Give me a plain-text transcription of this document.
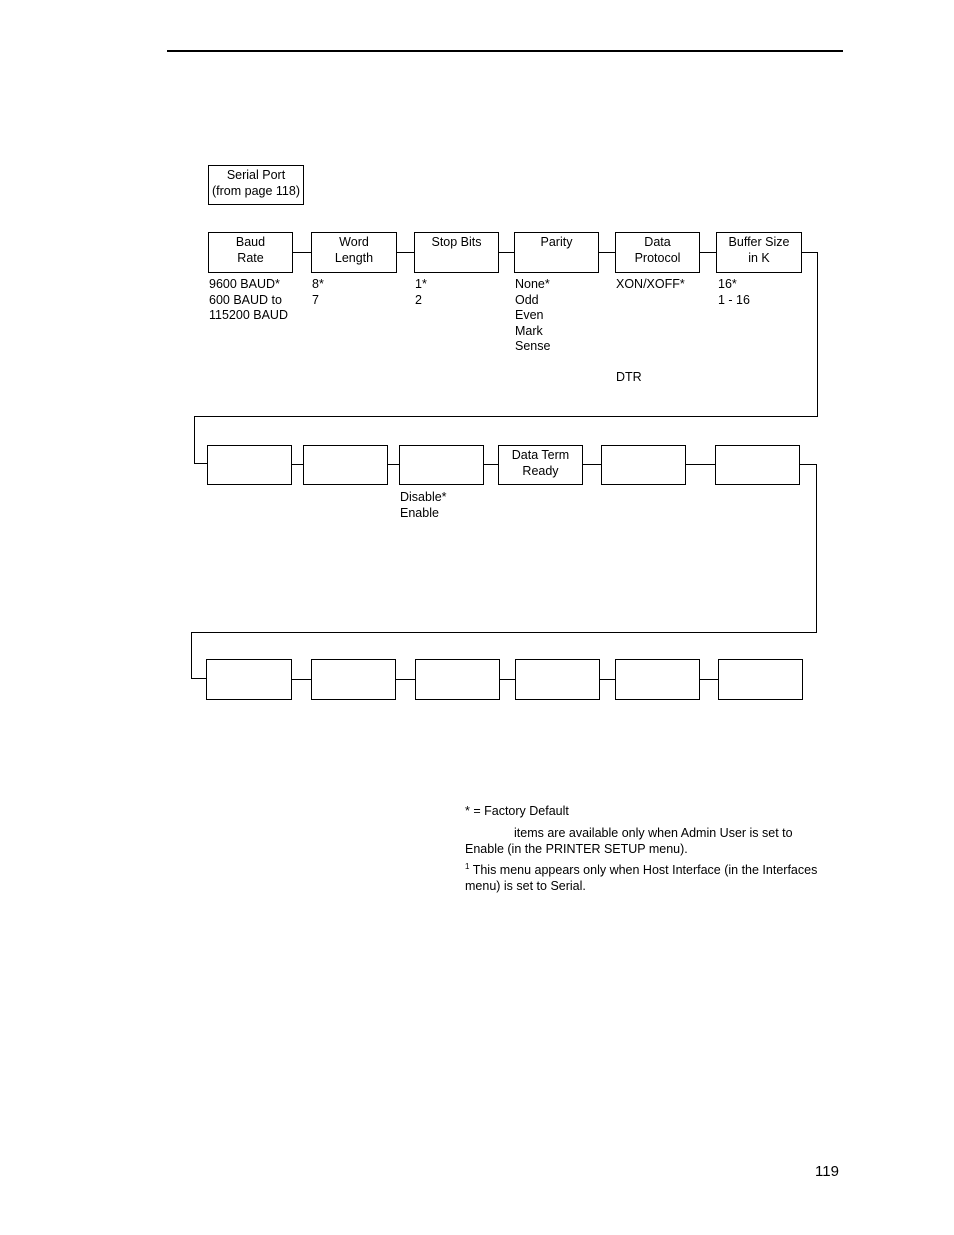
Serial Port
(from page 118)
Baud
Rate
Word
Length
Stop Bits	Parity	Data
Protocol
Buffer Size
in K
9600 BAUD*
600 BAUD to
115200 BAUD
8*
7
1*
2
None*
Odd
Even
Mark
Sense
XON/XOFF*
DTR
16*
1 - 16
Data Term
Ready
Disable*
Enable
* = Factory Default
items are available only when Admin User is set to Enable (in the PRINTER SETUP menu).
$^1$ This menu appears only when Host Interface (in the Interfaces menu) is set to Serial.
119
